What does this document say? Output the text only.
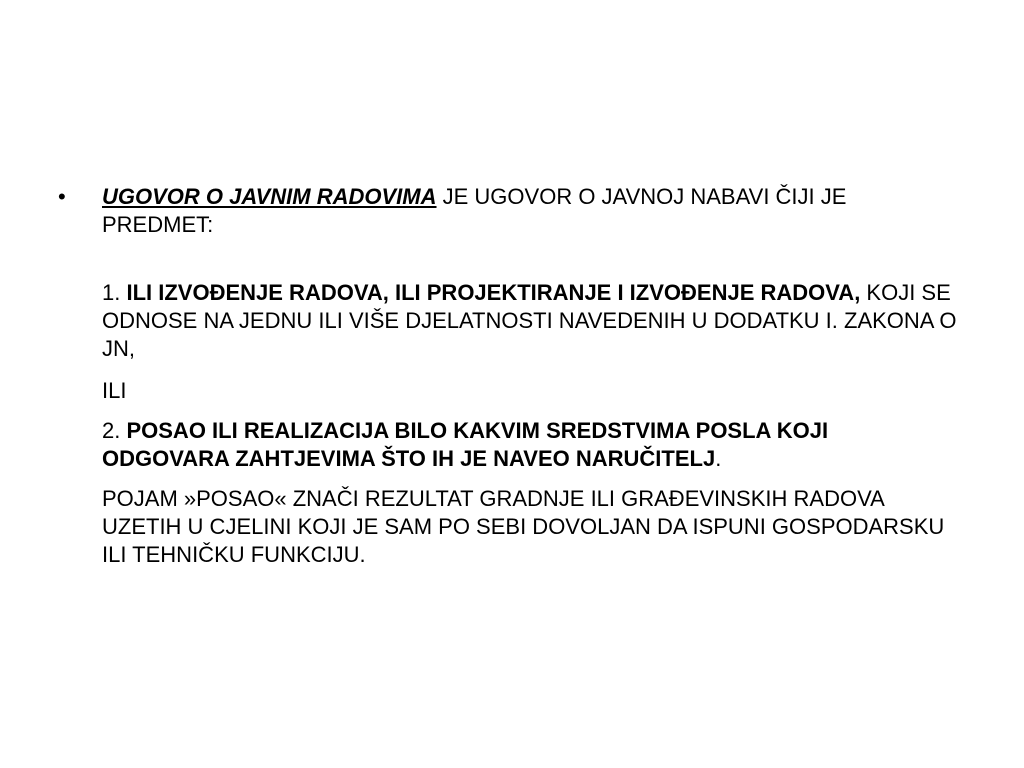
•	UGOVOR O JAVNIM RADOVIMA JE UGOVOR O JAVNOJ NABAVI ČIJI JE PREDMET:
1. ILI IZVOĐENJE RADOVA, ILI PROJEKTIRANJE I IZVOĐENJE RADOVA, KOJI SE ODNOSE NA JEDNU ILI VIŠE DJELATNOSTI NAVEDENIH U DODATKU I. ZAKONA O JN,
ILI
2. POSAO ILI REALIZACIJA BILO KAKVIM SREDSTVIMA POSLA KOJI ODGOVARA ZAHTJEVIMA ŠTO IH JE NAVEO NARUČITELJ.
POJAM »POSAO« ZNAČI REZULTAT GRADNJE ILI GRAĐEVINSKIH RADOVA UZETIH U CJELINI KOJI JE SAM PO SEBI DOVOLJAN DA ISPUNI GOSPODARSKU ILI TEHNIČKU FUNKCIJU.
